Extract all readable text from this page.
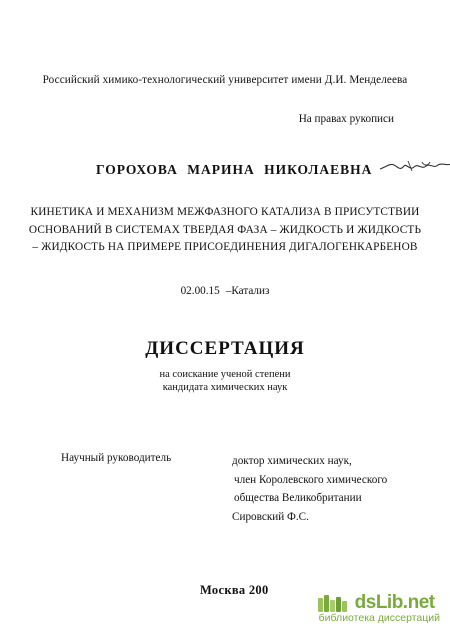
Российский химико-технологический университет имени Д.И. Менделеева
На правах рукописи
ГОРОХОВА МАРИНА НИКОЛАЕВНА
КИНЕТИКА И МЕХАНИЗМ МЕЖФАЗНОГО КАТАЛИЗА В ПРИСУТСТВИИ
ОСНОВАНИЙ В СИСТЕМАХ ТВЕРДАЯ ФАЗА – ЖИДКОСТЬ И ЖИДКОСТЬ
– ЖИДКОСТЬ НА ПРИМЕРЕ ПРИСОЕДИНЕНИЯ ДИГАЛОГЕНКАРБЕНОВ
02.00.15 –Катализ
ДИССЕРТАЦИЯ
на соискание ученой степени
кандидата химических наук
Научный руководитель	доктор химических наук,
член Королевского химического
общества Великобритании
Сировский Ф.С.
Москва 200
dsLib.net
библиотека диссертаций
